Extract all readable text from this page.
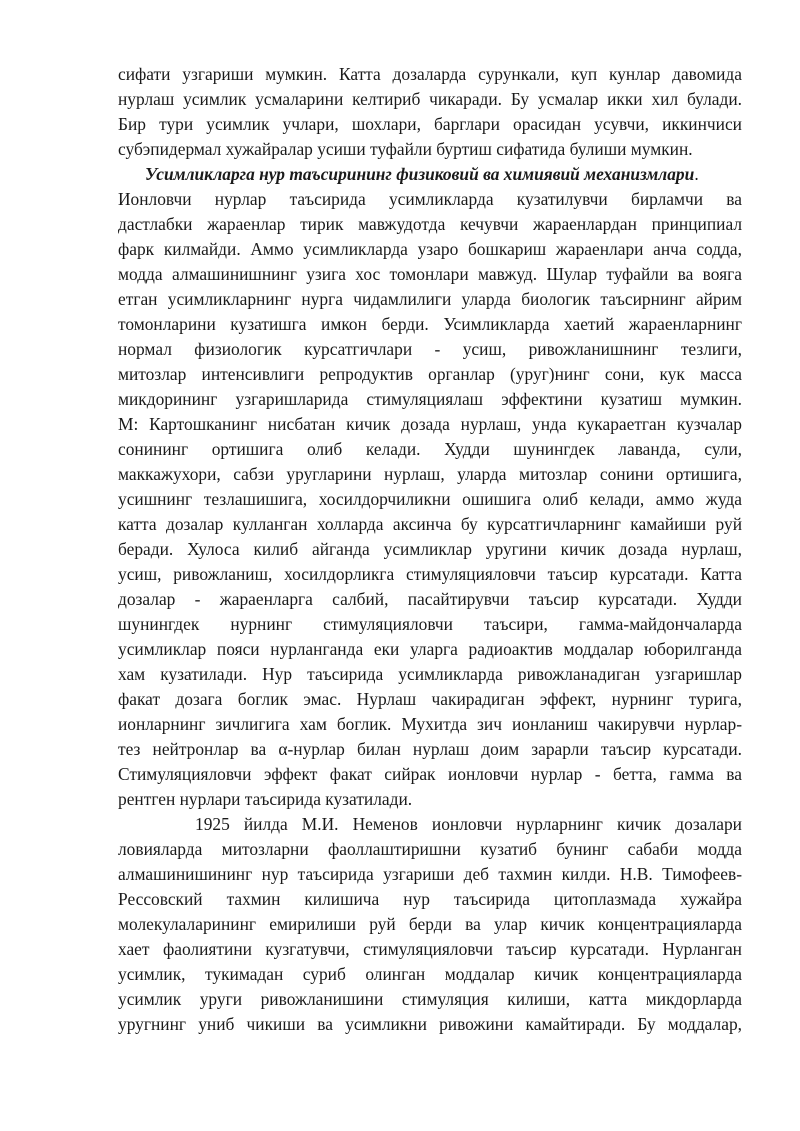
сифати узгариши мумкин. Катта дозаларда сурункали, куп кунлар давомида
нурлаш усимлик усмаларини келтириб чикаради. Бу усмалар икки хил булади.
Бир тури усимлик учлари, шохлари, барглари орасидан усувчи, иккинчиси
субэпидермал хужайралар усиши туфайли буртиш сифатида булиши мумкин.
Усимликларга нур таъсирининг физиковий ва химиявий механизмлари.
Ионловчи нурлар таъсирида усимликларда кузатилувчи бирламчи ва
дастлабки жараенлар тирик мавжудотда кечувчи жараенлардан принципиал
фарк килмайди. Аммо усимликларда узаро бошкариш жараенлари анча содда,
модда алмашинишнинг узига хос томонлари мавжуд. Шулар туфайли ва вояга
етган усимликларнинг нурга чидамлилиги уларда биологик таъсирнинг айрим
томонларини кузатишга имкон берди. Усимликларда хаетий жараенларнинг
нормал физиологик курсатгичлари - усиш, ривожланишнинг тезлиги,
митозлар интенсивлиги репродуктив органлар (уруг)нинг сони, кук масса
микдорининг узгаришларида стимуляциялаш эффектини кузатиш мумкин.
М: Картошканинг нисбатан кичик дозада нурлаш, унда кукараетган кузчалар
сонининг ортишига олиб келади. Худди шунингдек лаванда, сули,
маккажухори, сабзи уругларини нурлаш, уларда митозлар сонини ортишига,
усишнинг тезлашишига, хосилдорчиликни ошишига олиб келади, аммо жуда
катта дозалар кулланган холларда аксинча бу курсатгичларнинг камайиши руй
беради. Хулоса килиб айганда усимликлар уругини кичик дозада нурлаш,
усиш, ривожланиш, хосилдорликга стимуляцияловчи таъсир курсатади. Катта
дозалар - жараенларга салбий, пасайтирувчи таъсир курсатади. Худди
шунингдек нурнинг стимуляцияловчи таъсири, гамма-майдончаларда
усимликлар пояси нурланганда еки уларга радиоактив моддалар юборилганда
хам кузатилади. Нур таъсирида усимликларда ривожланадиган узгаришлар
факат дозага боглик эмас. Нурлаш чакирадиган эффект, нурнинг турига,
ионларнинг зичлигига хам боглик. Мухитда зич ионланиш чакирувчи нурлар-
тез нейтронлар ва α-нурлар билан нурлаш доим зарарли таъсир курсатади.
Стимуляцияловчи эффект факат сийрак ионловчи нурлар - бетта, гамма ва
рентген нурлари таъсирида кузатилади.
1925 йилда М.И. Неменов ионловчи нурларнинг кичик дозалари
ловияларда митозларни фаоллаштиришни кузатиб бунинг сабаби модда
алмашинишининг нур таъсирида узгариши деб тахмин килди. Н.В. Тимофеев-
Рессовский тахмин килишича нур таъсирида цитоплазмада хужайра
молекулаларининг емирилиши руй берди ва улар кичик концентрацияларда
хает фаолиятини кузгатувчи, стимуляцияловчи таъсир курсатади. Нурланган
усимлик, тукимадан суриб олинган моддалар кичик концентрацияларда
усимлик уруги ривожланишини стимуляция килиши, катта микдорларда
уругнинг униб чикиши ва усимликни ривожини камайтиради. Бу моддалар,
